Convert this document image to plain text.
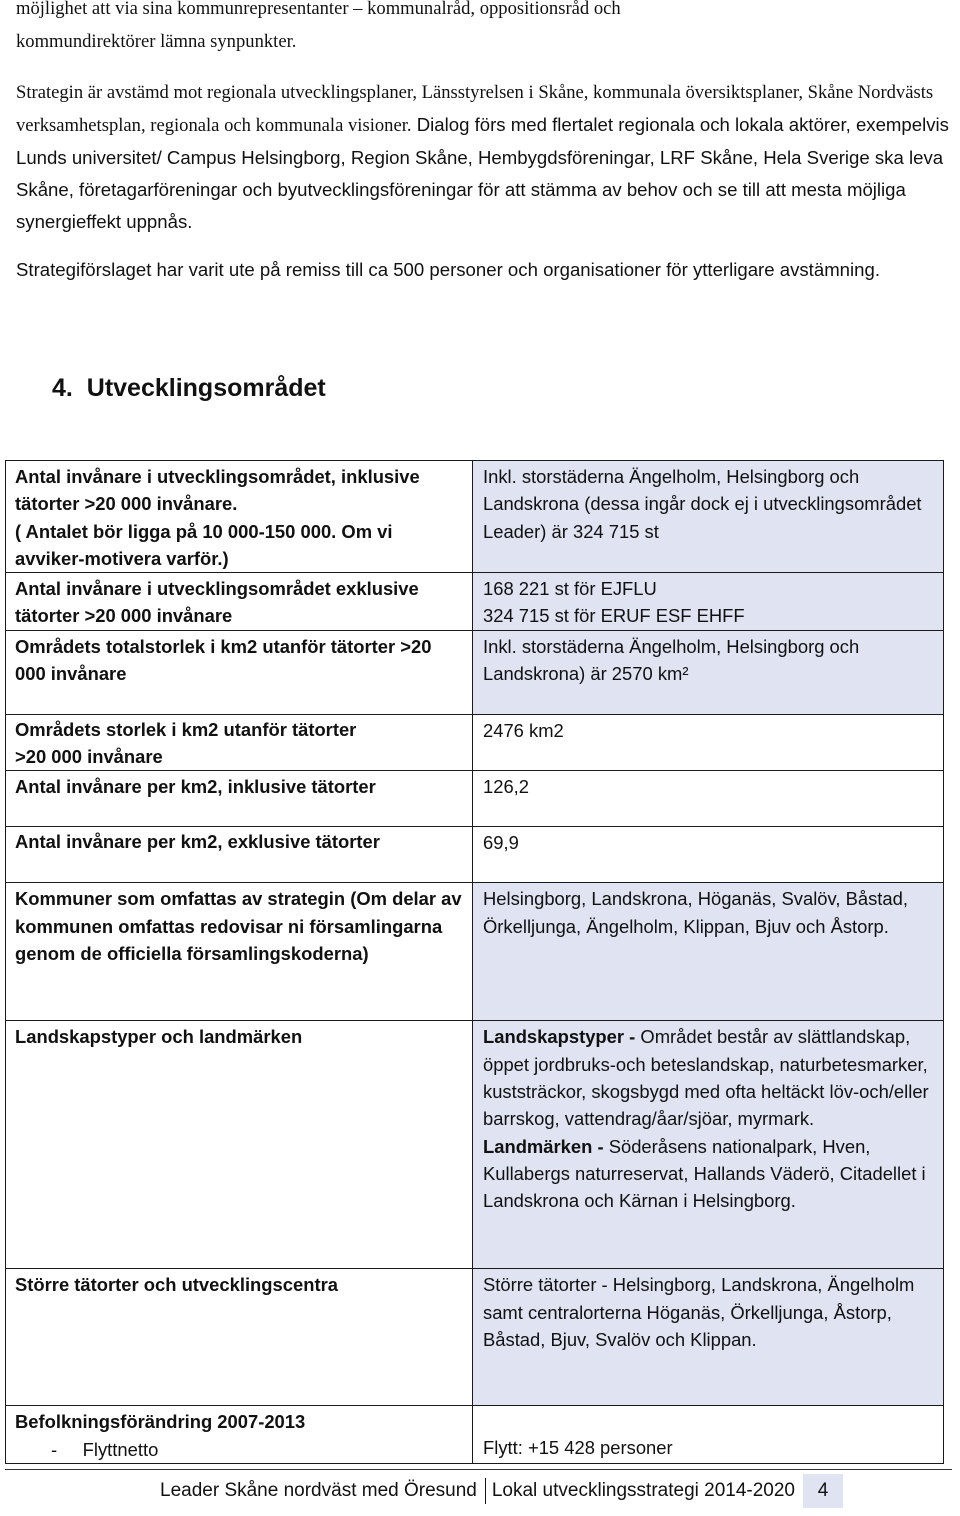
möjlighet att via sina kommunrepresentanter – kommunalråd, oppositionsråd och
kommundirektörer lämna synpunkter.

Strategin är avstämd mot regionala utvecklingsplaner, Länsstyrelsen i Skåne, kommunala översiktsplaner, Skåne Nordvästs verksamhetsplan, regionala och kommunala visioner. Dialog förs med flertalet regionala och lokala aktörer, exempelvis Lunds universitet/ Campus Helsingborg, Region Skåne, Hembygdsföreningar, LRF Skåne, Hela Sverige ska leva Skåne, företagarföreningar och byutvecklingsföreningar för att stämma av behov och se till att mesta möjliga synergieffekt uppnås.

Strategiförslaget har varit ute på remiss till ca 500 personer och organisationer för ytterligare avstämning.

4. Utvecklingsområdet
Antal invånare i utvecklingsområdet, inklusive tätorter >20 000 invånare.
( Antalet bör ligga på 10 000-150 000. Om vi avviker-motivera varför.)	Inkl. storstäderna Ängelholm, Helsingborg och Landskrona (dessa ingår dock ej i utvecklingsområdet Leader) är 324 715 st
Antal invånare i utvecklingsområdet exklusive tätorter >20 000 invånare	168 221 st för EJFLU
324 715 st för ERUF ESF EHFF

Områdets totalstorlek i km2 utanför tätorter >20 000 invånare	Inkl. storstäderna Ängelholm, Helsingborg och Landskrona) är 2570 km²

Områdets storlek i km2 utanför tätorter
>20 000 invånare	2476 km2
Antal invånare per km2, inklusive tätorter	126,2
Antal invånare per km2, exklusive tätorter	69,9
Kommuner som omfattas av strategin (Om delar av kommunen omfattas redovisar ni församlingarna genom de officiella församlingskoderna)	Helsingborg, Landskrona, Höganäs, Svalöv, Båstad, Örkelljunga, Ängelholm, Klippan, Bjuv och Åstorp.
Landskapstyper och landmärken	Landskapstyper - Området består av slättlandskap, öppet jordbruks-och beteslandskap, naturbetesmarker, kuststräckor, skogsbygd med ofta heltäckt löv-och/eller barrskog, vattendrag/åar/sjöar, myrmark.
Landmärken - Söderåsens nationalpark, Hven, Kullabergs naturreservat, Hallands Väderö, Citadellet i Landskrona och Kärnan i Helsingborg.

Större tätorter och utvecklingscentra	Större tätorter - Helsingborg, Landskrona, Ängelholm samt centralorterna Höganäs, Örkelljunga, Åstorp, Båstad, Bjuv, Svalöv och Klippan.

Befolkningsförändring 2007-2013
-     Flyttnetto	Flytt: +15 428 personer
Leader Skåne nordväst med Öresund Lokal utvecklingsstrategi 2014-2020	4
